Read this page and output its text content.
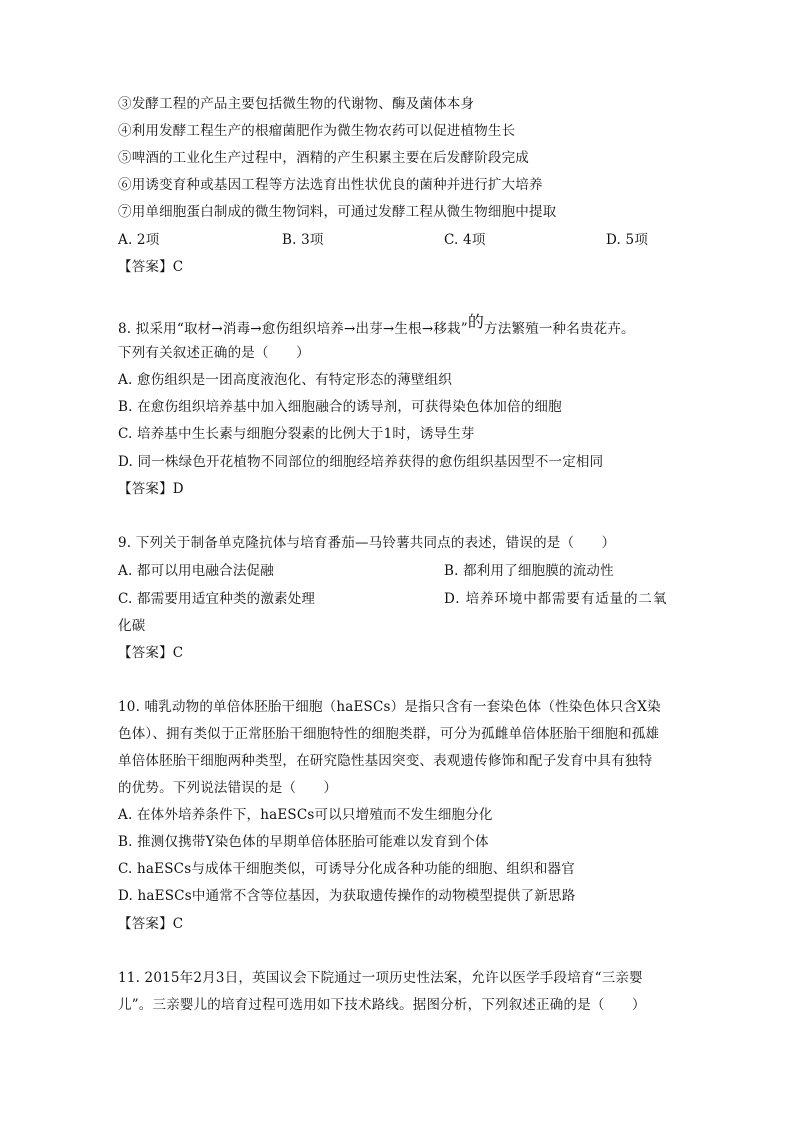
③发酵工程的产品主要包括微生物的代谢物、酶及菌体本身
④利用发酵工程生产的根瘤菌肥作为微生物农药可以促进植物生长
⑤啤酒的工业化生产过程中，酒精的产生积累主要在后发酵阶段完成
⑥用诱变育种或基因工程等方法选育出性状优良的菌种并进行扩大培养
⑦用单细胞蛋白制成的微生物饲料，可通过发酵工程从微生物细胞中提取
A. 2项	B. 3项	C. 4项	D. 5项
【答案】C
8. 拟采用“取材→消毒→愈伤组织培养→出芽→生根→移栽”的方法繁殖一种名贵花卉。
下列有关叙述正确的是（　　）
A. 愈伤组织是一团高度液泡化、有特定形态的薄壁组织
B. 在愈伤组织培养基中加入细胞融合的诱导剂，可获得染色体加倍的细胞
C. 培养基中生长素与细胞分裂素的比例大于1时，诱导生芽
D. 同一株绿色开花植物不同部位的细胞经培养获得的愈伤组织基因型不一定相同
【答案】D
9. 下列关于制备单克隆抗体与培育番茄—马铃薯共同点的表述，错误的是（　　）
A. 都可以用电融合法促融	B. 都利用了细胞膜的流动性
C. 都需要用适宜种类的激素处理	D. 培养环境中都需要有适量的二氧
化碳
【答案】C
10. 哺乳动物的单倍体胚胎干细胞（haESCs）是指只含有一套染色体（性染色体只含X染
色体）、拥有类似于正常胚胎干细胞特性的细胞类群，可分为孤雌单倍体胚胎干细胞和孤雄
单倍体胚胎干细胞两种类型，在研究隐性基因突变、表观遗传修饰和配子发育中具有独特
的优势。下列说法错误的是（　　）
A. 在体外培养条件下，haESCs可以只增殖而不发生细胞分化
B. 推测仅携带Y染色体的早期单倍体胚胎可能难以发育到个体
C. haESCs与成体干细胞类似，可诱导分化成各种功能的细胞、组织和器官
D. haESCs中通常不含等位基因，为获取遗传操作的动物模型提供了新思路
【答案】C
11. 2015年2月3日，英国议会下院通过一项历史性法案，允许以医学手段培育“三亲婴
儿”。三亲婴儿的培育过程可选用如下技术路线。据图分析，下列叙述正确的是（　　）
